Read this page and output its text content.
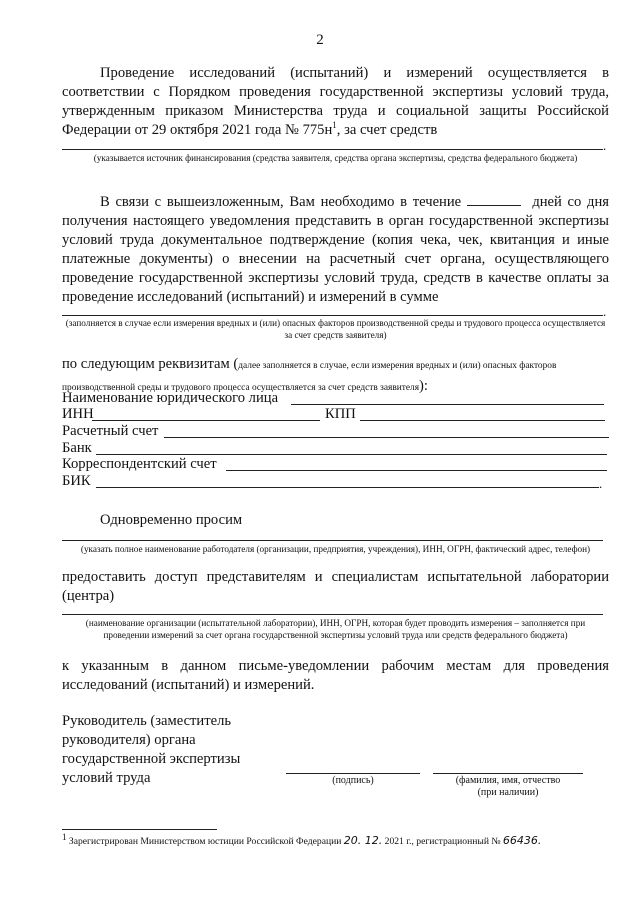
2
Проведение исследований (испытаний) и измерений осуществляется в соответствии с Порядком проведения государственной экспертизы условий труда, утвержденным приказом Министерства труда и социальной защиты Российской Федерации от 29 октября 2021 года № $775н^1$, за счет средств
.
(указывается источник финансирования (средства заявителя, средства органа экспертизы, средства федерального бюджета)
В связи с вышеизложенным, Вам необходимо в течение	дней со дня получения настоящего уведомления представить в орган государственной экспертизы условий труда документальное подтверждение (копия чека, чек, квитанция и иные платежные документы) о внесении на расчетный счет органа, осуществляющего проведение государственной экспертизы условий труда, средств в качестве оплаты за проведение исследований (испытаний) и измерений в сумме
.
(заполняется в случае если измерения вредных и (или) опасных факторов производственной среды и трудового процесса осуществляется за счет средств заявителя)
по следующим реквизитам (далее заполняется в случае, если измерения вредных и (или) опасных факторов производственной среды и трудового процесса осуществляется за счет средств заявителя):
Наименование юридического лица
ИНН	КПП
Расчетный счет
Банк
Корреспондентский счет
БИК	.
Одновременно просим
(указать полное наименование работодателя (организации, предприятия, учреждения), ИНН, ОГРН, фактический адрес, телефон)
предоставить доступ представителям и специалистам испытательной лаборатории (центра)
(наименование организации (испытательной лаборатории), ИНН, ОГРН, которая будет проводить измерения – заполняется при проведении измерений за счет органа государственной экспертизы условий труда или средств федерального бюджета)
к указанным в данном письме-уведомлении рабочим местам для проведения исследований (испытаний) и измерений.
Руководитель (заместитель руководителя) органа государственной экспертизы условий труда	(подпись)	(фамилия, имя, отчество (при наличии)
1 Зарегистрирован Министерством юстиции Российской Федерации 20. 12. 2021 г., регистрационный № 66436.
